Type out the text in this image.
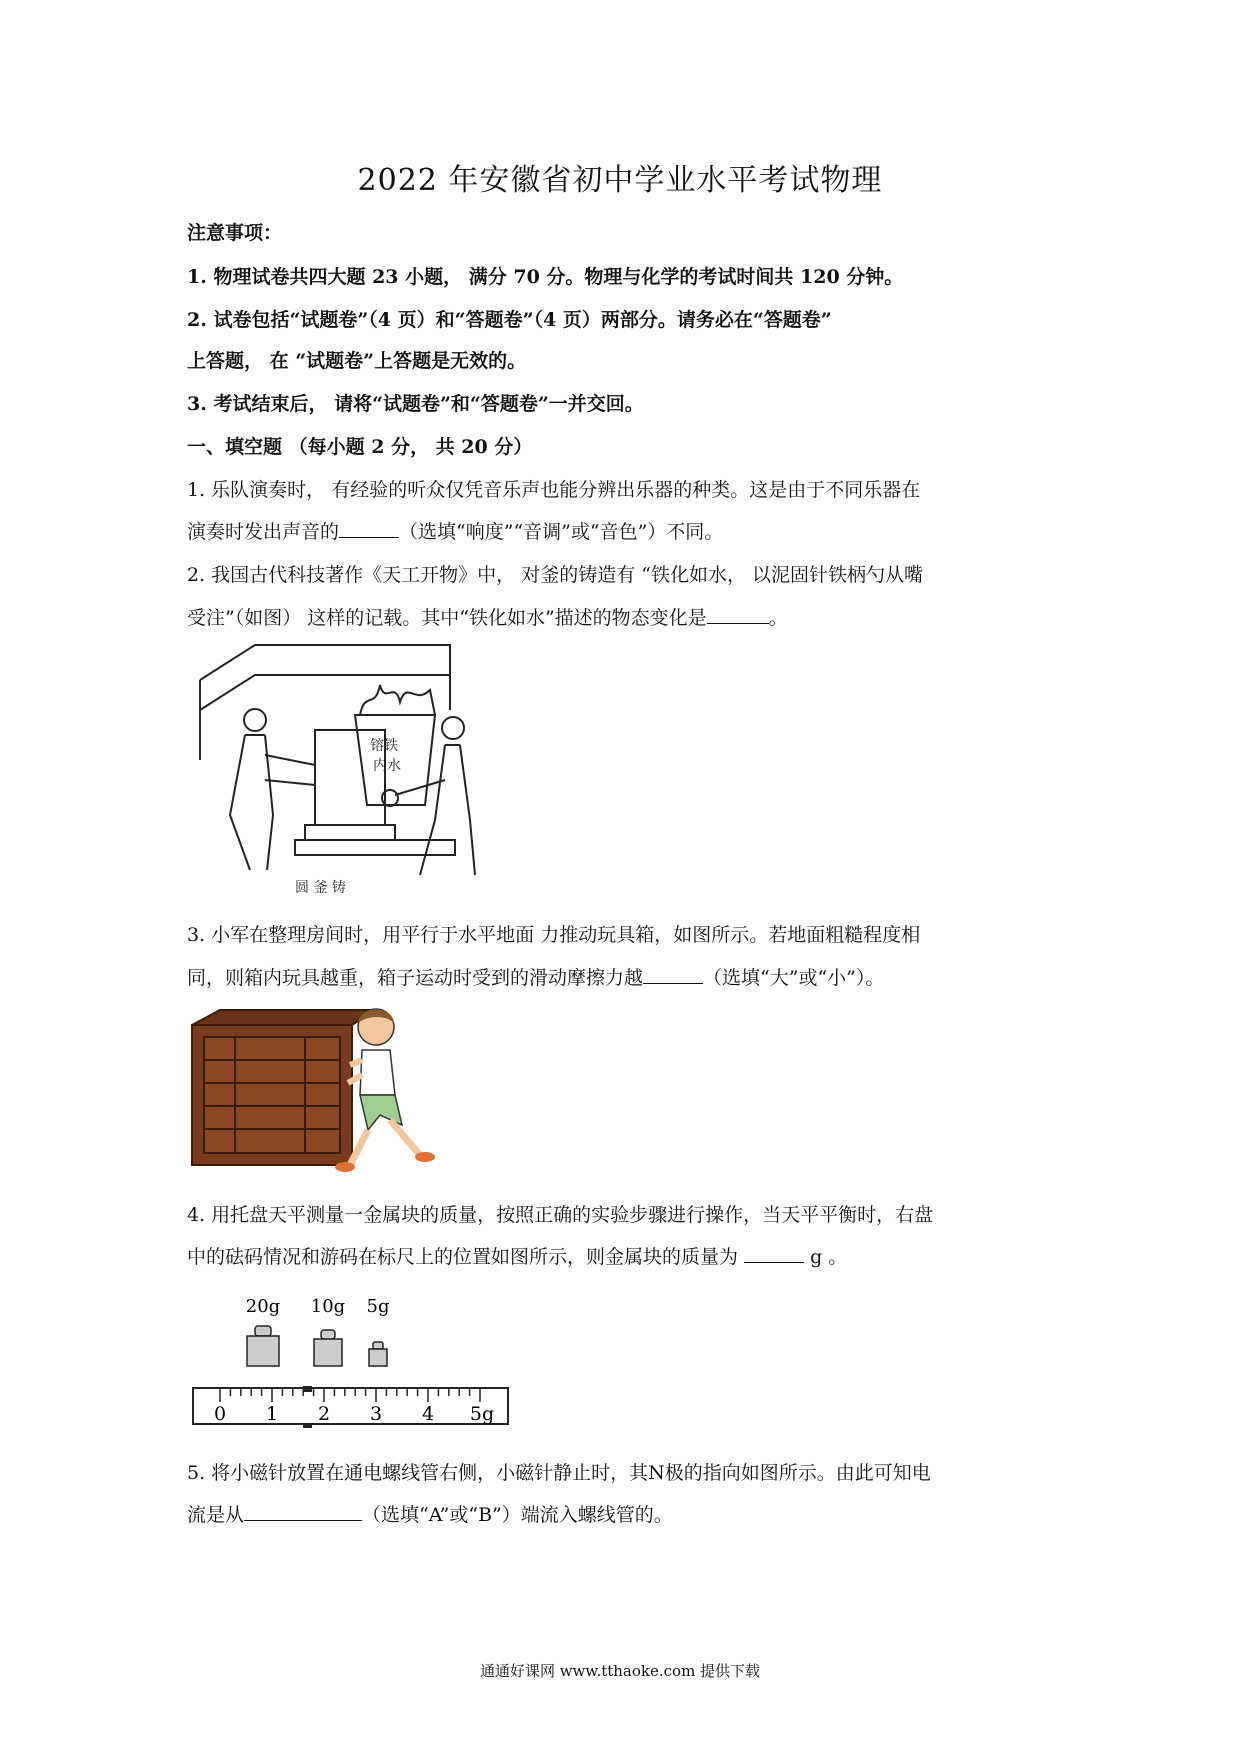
2022 年安徽省初中学业水平考试物理
注意事项：
1. 物理试卷共四大题 23 小题， 满分 70 分。物理与化学的考试时间共 120 分钟。
2. 试卷包括“试题卷”（4 页）和“答题卷”（4 页）两部分。请务必在“答题卷”
上答题， 在 “试题卷”上答题是无效的。
3. 考试结束后， 请将“试题卷”和“答题卷”一并交回。
一、填空题 （每小题 2 分， 共 20 分）
1. 乐队演奏时， 有经验的听众仅凭音乐声也能分辨出乐器的种类。这是由于不同乐器在
演奏时发出声音的	（选填“响度”“音调”或“音色”）不同。
2. 我国古代科技著作《天工开物》中， 对釜的铸造有 “铁化如水， 以泥固针铁柄勺从嘴
受注”（如图） 这样的记载。其中“铁化如水”描述的物态变化是	。
镕铁
内水
圆 釜 铸
3. 小军在整理房间时，用平行于水平地面 力推动玩具箱，如图所示。若地面粗糙程度相
同，则箱内玩具越重，箱子运动时受到的滑动摩擦力越	（选填“大”或“小”）。
4. 用托盘天平测量一金属块的质量，按照正确的实验步骤进行操作，当天平平衡时，右盘
中的砝码情况和游码在标尺上的位置如图所示，则金属块的质量为	g 。
20g 10g 5g
0 1 2 3 4 5g
5. 将小磁针放置在通电螺线管右侧，小磁针静止时，其N极的指向如图所示。由此可知电
流是从	（选填“A”或“B”）端流入螺线管的。
通通好课网 www.tthaoke.com 提供下载
